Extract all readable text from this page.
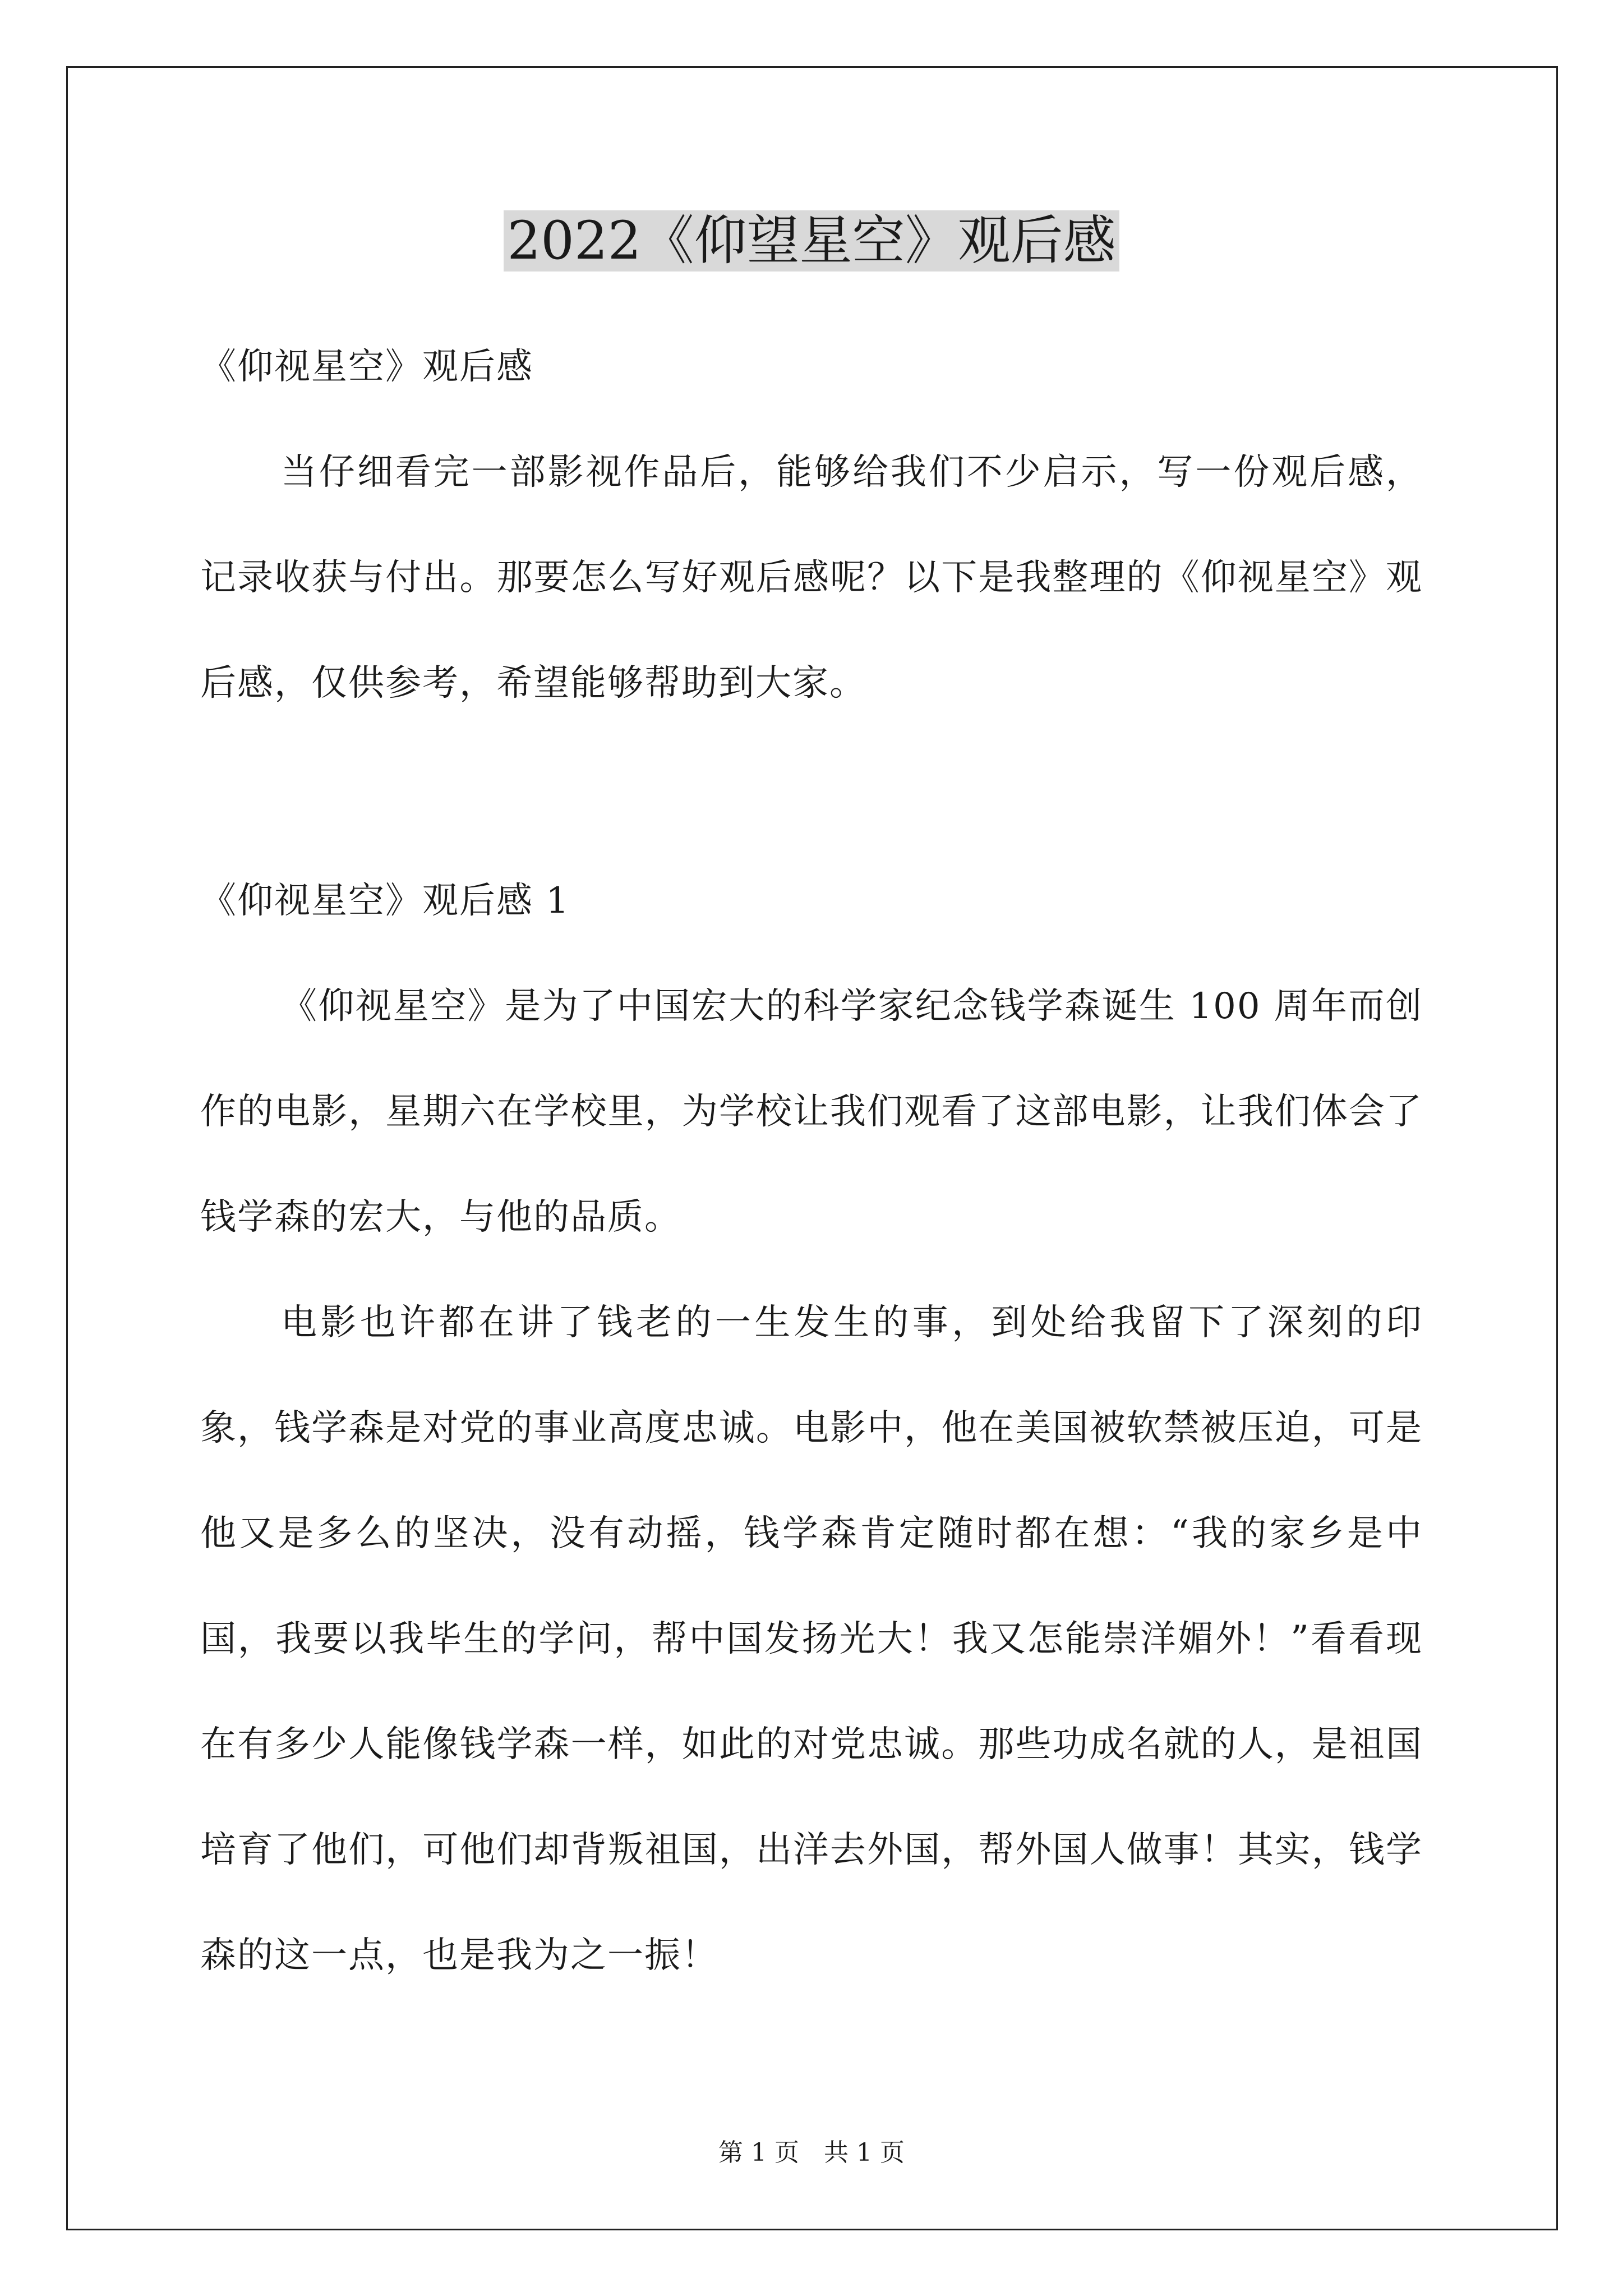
2022《仰望星空》观后感

《仰视星空》观后感

当仔细看完一部影视作品后，能够给我们不少启示，写一份观后感，记录收获与付出。那要怎么写好观后感呢？以下是我整理的《仰视星空》观后感，仅供参考，希望能够帮助到大家。

《仰视星空》观后感 1

《仰视星空》是为了中国宏大的科学家纪念钱学森诞生 100 周年而创作的电影，星期六在学校里，为学校让我们观看了这部电影，让我们体会了钱学森的宏大，与他的品质。

电影也许都在讲了钱老的一生发生的事，到处给我留下了深刻的印象，钱学森是对党的事业高度忠诚。电影中，他在美国被软禁被压迫，可是他又是多么的坚决，没有动摇，钱学森肯定随时都在想：“我的家乡是中国，我要以我毕生的学问，帮中国发扬光大！我又怎能崇洋媚外！”看看现在有多少人能像钱学森一样，如此的对党忠诚。那些功成名就的人，是祖国培育了他们，可他们却背叛祖国，出洋去外国，帮外国人做事！其实，钱学森的这一点，也是我为之一振！

第 1 页 共 1 页
